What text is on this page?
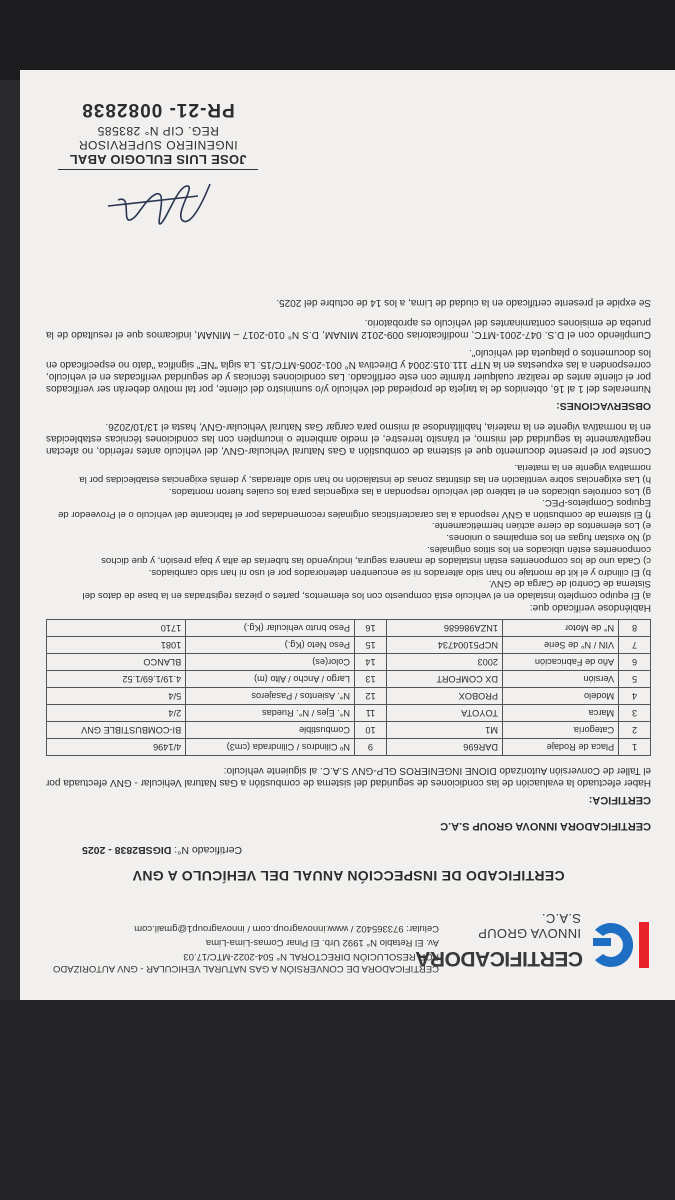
CERTIFICADORA
INNOVA GROUP S.A.C.
CERTIFICADORA DE CONVERSIÓN A GAS NATURAL VEHICULAR - GNV AUTORIZADO POR RESOLUCIÓN DIRECTORAL N° 504-2022-MTC/17.03
Av. El Retablo N° 1992 Urb. El Pinar Comas-Lima-Lima
Celular: 973365402 / www.innovagroup.com / innovagroup1@gmail.com
CERTIFICADO DE INSPECCIÓN ANUAL DEL VEHÍCULO A GNV
Certificado N°: DIGSB2838 - 2025
CERTIFICADORA INNOVA GROUP S.A.C
CERTIFICA:
Haber efectuado la evaluación de las condiciones de seguridad del sistema de combustión a Gas Natural Vehicular - GNV efectuada por el Taller de Conversión Autorizado DIONE INGENIEROS GLP-GNV S.A.C. al siguiente vehículo:
1	Placa de Rodaje	DAR696	9	Nº Cilindros / Cilindrada (cm3)	4/1496
2	Categoría	M1	10	Combustible	BI-COMBUSTIBLE GNV
3	Marca	TOYOTA	11	N°. Ejes / N°. Ruedas	2/4
4	Modelo	PROBOX	12	N°. Asientos / Pasajeros	5/4
5	Versión	DX COMFORT	13	Largo / Ancho / Alto (m)	4.19/1.69/1.52
6	Año de Fabricación	2003	14	Color(es)	BLANCO
7	VIN / N° de Serie	NCP51004734	15	Peso Neto (Kg.)	1081
8	N° de Motor	1NZA986686	16	Peso bruto vehicular (Kg.)	1710
Habiéndose verificado que:

a) El equipo completo instalado en el vehículo está compuesto con los elementos, partes o piezas registradas en la base de datos del Sistema de Control de Carga de GNV.

b) El cilindro y el kit de montaje no han sido alterados ni se encuentren deteriorados por el uso ni han sido cambiados.

c) Cada uno de los componentes están instalados de manera segura, incluyendo las tuberías de alta y baja presión, y que dichos componentes estén ubicados en los sitios originales.

d) No existan fugas en los empalmes o uniones.

e) Los elementos de cierre actúen herméticamente.

f) El sistema de combustión a GNV responda a las características originales recomendadas por el fabricante del vehículo o el Proveedor de Equipos Completos-PEC.

g) Los controles ubicados en el tablero del vehículo respondan a las exigencias para los cuales fueron montados.

h) Las exigencias sobre ventilación en las distintas zonas de instalación no han sido alteradas, y demás exigencias establecidas por la normativa vigente en la materia.

Conste por el presente documento que el sistema de combustión a Gas Natural Vehicular-GNV, del vehículo antes referido, no afectan negativamente la seguridad del mismo, el tránsito terrestre, el medio ambiente o incumplen con las condiciones técnicas establecidas en la normativa vigente en la materia, habilitándose al mismo para cargar Gas Natural Vehicular-GNV, hasta el 13/10/2026.
OBSERVACIONES:
Numerales del 1 al 16, obtenidos de la tarjeta de propiedad del vehículo y/o suministro del cliente, por tal motivo deberán ser verificados por el cliente antes de realizar cualquier trámite con este certificado. Las condiciones técnicas y de seguridad verificadas en el vehículo, corresponden a las expuestas en la NTP 111.015:2004 y Directiva N° 001-2005-MTC/15. La sigla "NE" significa "dato no especificado en los documentos o plaqueta del vehículo".
Cumpliendo con el D.S. 047-2001-MTC, modificatorias 009-2012 MINAM, D.S N° 010-2017 – MINAM, indicamos que el resultado de la prueba de emisiones contaminantes del vehículo es aprobatorio.
Se expide el presente certificado en la ciudad de Lima, a los 14 de octubre del 2025.
JOSE LUIS EULOGIO ABAL
INGENIERO SUPERVISOR
REG. CIP N° 283585
PR-21- 0082838
